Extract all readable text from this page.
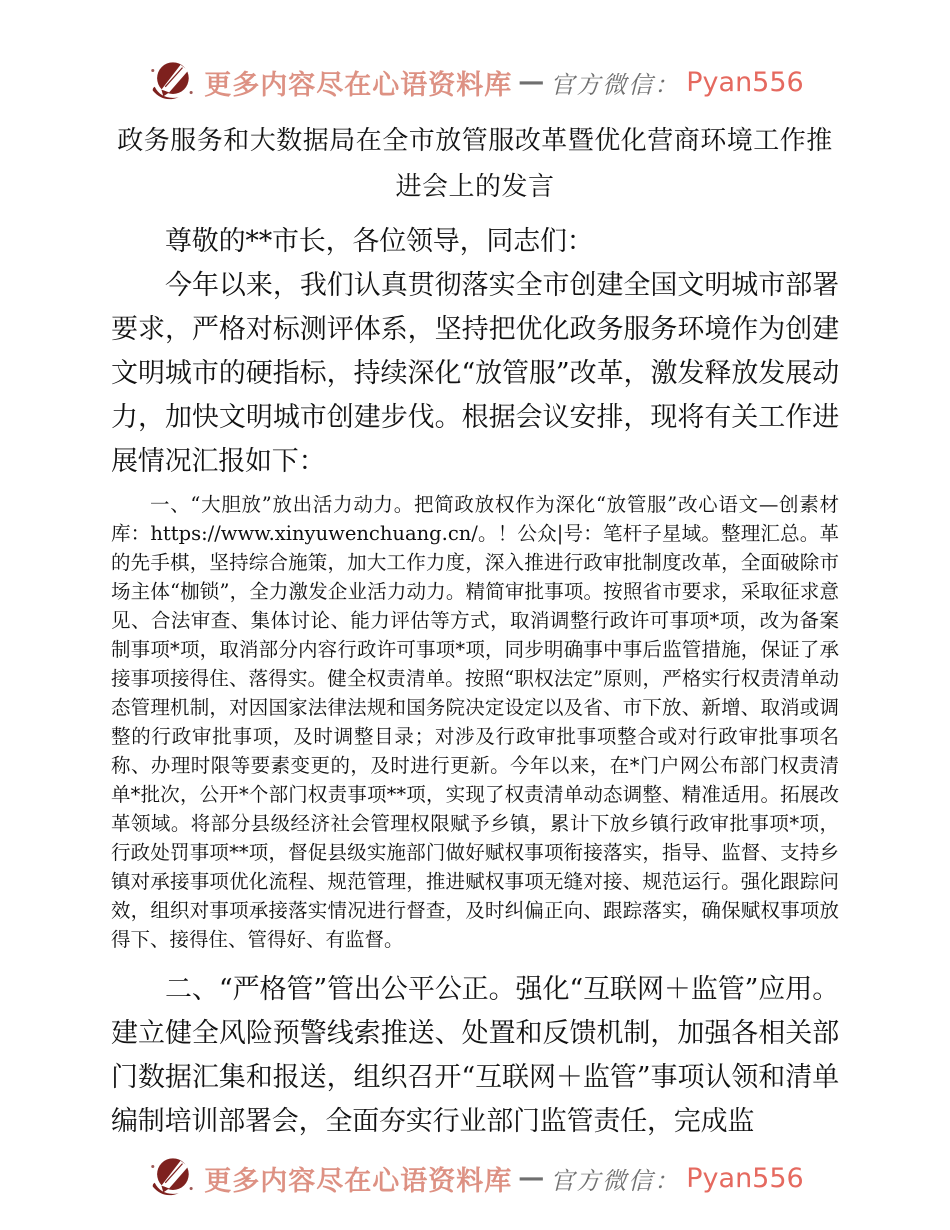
更多内容尽在心语资料库 — 官方微信： Pyan556
政务服务和大数据局在全市放管服改革暨优化营商环境工作推进会上的发言

尊敬的**市长，各位领导，同志们：

今年以来，我们认真贯彻落实全市创建全国文明城市部署要求，严格对标测评体系，坚持把优化政务服务环境作为创建文明城市的硬指标，持续深化“放管服”改革，激发释放发展动力，加快文明城市创建步伐。根据会议安排，现将有关工作进展情况汇报如下：

一、“大胆放”放出活力动力。把简政放权作为深化“放管服”改心语文—创素材库：https://www.xinyuwenchuang.cn/。！公众|号：笔杆子星域。整理汇总。革的先手棋，坚持综合施策，加大工作力度，深入推进行政审批制度改革，全面破除市场主体“枷锁”，全力激发企业活力动力。精简审批事项。按照省市要求，采取征求意见、合法审查、集体讨论、能力评估等方式，取消调整行政许可事项*项，改为备案制事项*项，取消部分内容行政许可事项*项，同步明确事中事后监管措施，保证了承接事项接得住、落得实。健全权责清单。按照“职权法定”原则，严格实行权责清单动态管理机制，对因国家法律法规和国务院决定设定以及省、市下放、新增、取消或调整的行政审批事项，及时调整目录；对涉及行政审批事项整合或对行政审批事项名称、办理时限等要素变更的，及时进行更新。今年以来，在*门户网公布部门权责清单*批次，公开*个部门权责事项**项，实现了权责清单动态调整、精准适用。拓展改革领域。将部分县级经济社会管理权限赋予乡镇，累计下放乡镇行政审批事项*项，行政处罚事项**项，督促县级实施部门做好赋权事项衔接落实，指导、监督、支持乡镇对承接事项优化流程、规范管理，推进赋权事项无缝对接、规范运行。强化跟踪问效，组织对事项承接落实情况进行督查，及时纠偏正向、跟踪落实，确保赋权事项放得下、接得住、管得好、有监督。

二、“严格管”管出公平公正。强化“互联网＋监管”应用。建立健全风险预警线索推送、处置和反馈机制，加强各相关部门数据汇集和报送，组织召开“互联网＋监管”事项认领和清单编制培训部署会，全面夯实行业部门监管责任，完成监

更多内容尽在心语资料库 — 官方微信： Pyan556
